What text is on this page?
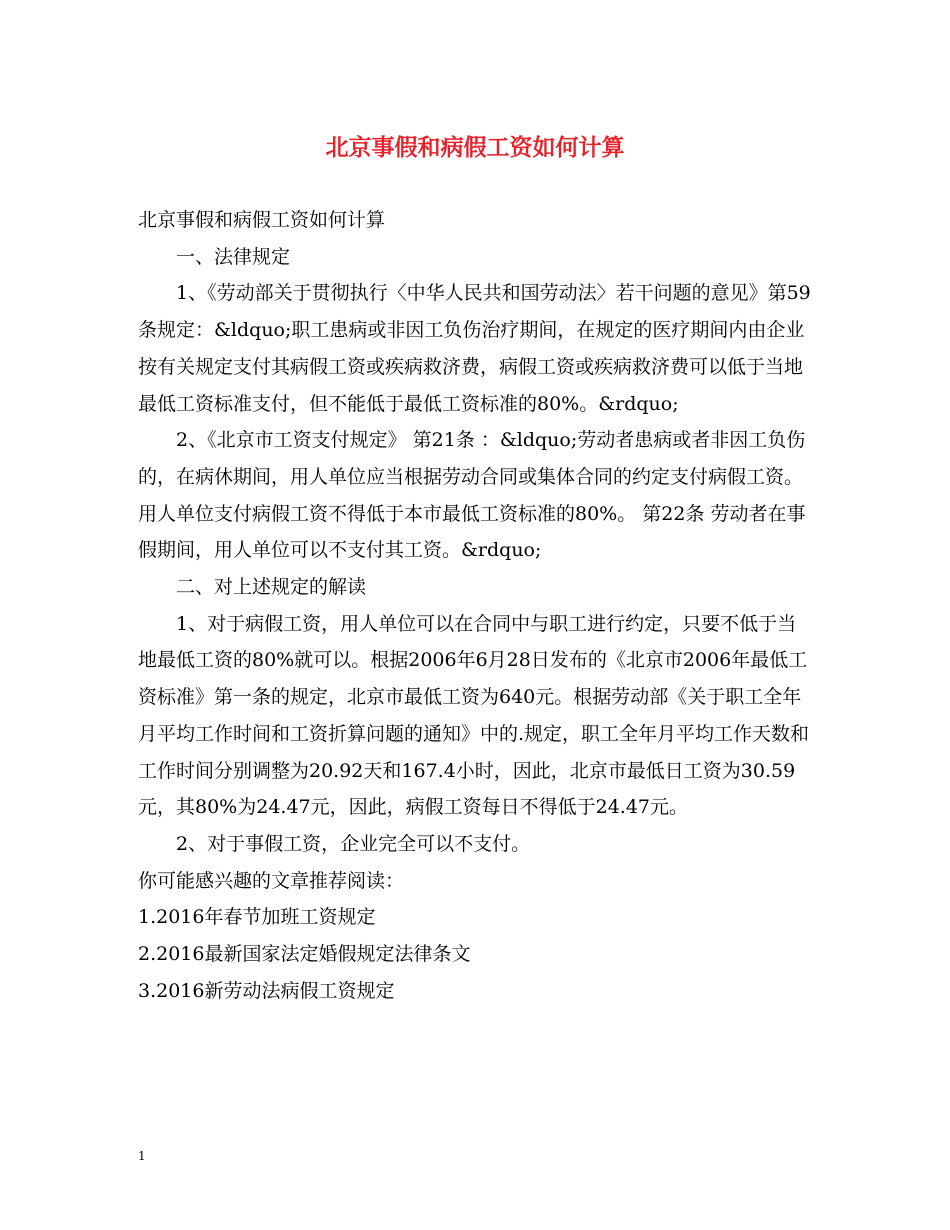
北京事假和病假工资如何计算

北京事假和病假工资如何计算

一、法律规定

1、《劳动部关于贯彻执行〈中华人民共和国劳动法〉若干问题的意见》第59条规定：&ldquo;职工患病或非因工负伤治疗期间，在规定的医疗期间内由企业按有关规定支付其病假工资或疾病救济费，病假工资或疾病救济费可以低于当地最低工资标准支付，但不能低于最低工资标准的80%。&rdquo;

2、《北京市工资支付规定》 第21条 ：&ldquo;劳动者患病或者非因工负伤的，在病休期间，用人单位应当根据劳动合同或集体合同的约定支付病假工资。用人单位支付病假工资不得低于本市最低工资标准的80%。 第22条 劳动者在事假期间，用人单位可以不支付其工资。&rdquo;

二、对上述规定的解读

1、对于病假工资，用人单位可以在合同中与职工进行约定，只要不低于当地最低工资的80%就可以。根据2006年6月28日发布的《北京市2006年最低工资标准》第一条的规定，北京市最低工资为640元。根据劳动部《关于职工全年月平均工作时间和工资折算问题的通知》中的.规定，职工全年月平均工作天数和工作时间分别调整为20.92天和167.4小时，因此，北京市最低日工资为30.59元，其80%为24.47元，因此，病假工资每日不得低于24.47元。

2、对于事假工资，企业完全可以不支付。

你可能感兴趣的文章推荐阅读：

1.2016年春节加班工资规定

2.2016最新国家法定婚假规定法律条文

3.2016新劳动法病假工资规定

1
